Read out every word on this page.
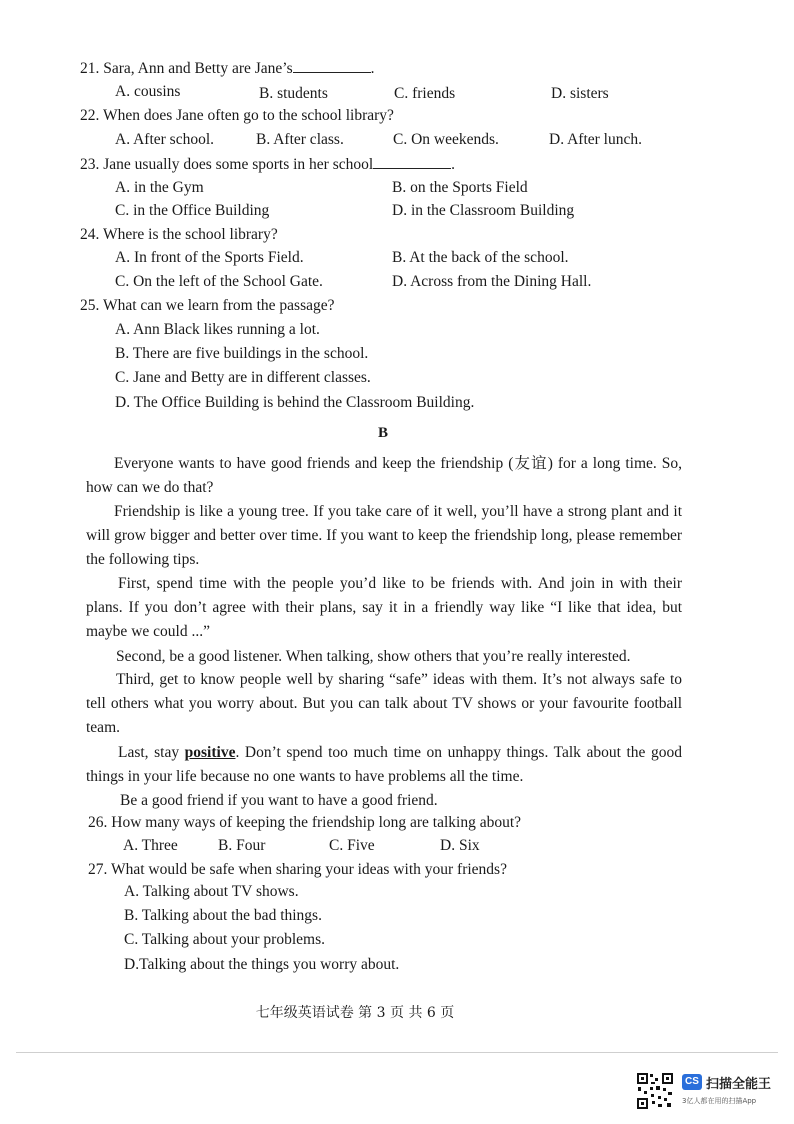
21. Sara, Ann and Betty are Jane’s	.
A. cousins	B. students	C. friends	D. sisters
22. When does Jane often go to the school library?
A. After school.	B. After class.	C. On weekends.	D. After lunch.
23. Jane usually does some sports in her school	.
A. in the Gym	B. on the Sports Field
C. in the Office Building	D. in the Classroom Building
24. Where is the school library?
A. In front of the Sports Field.	B. At the back of the school.
C. On the left of the School Gate.	D. Across from the Dining Hall.
25. What can we learn from the passage?
A. Ann Black likes running a lot.
B. There are five buildings in the school.
C. Jane and Betty are in different classes.
D. The Office Building is behind the Classroom Building.
B
Everyone wants to have good friends and keep the friendship (友谊) for a long time. So, how can we do that?
Friendship is like a young tree. If you take care of it well, you’ll have a strong plant and it will grow bigger and better over time. If you want to keep the friendship long, please remember the following tips.
First, spend time with the people you’d like to be friends with. And join in with their plans. If you don’t agree with their plans, say it in a friendly way like “I like that idea, but maybe we could ...”
Second, be a good listener. When talking, show others that you’re really interested.
Third, get to know people well by sharing “safe” ideas with them. It’s not always safe to tell others what you worry about. But you can talk about TV shows or your favourite football team.
Last, stay positive. Don’t spend too much time on unhappy things. Talk about the good things in your life because no one wants to have problems all the time.
Be a good friend if you want to have a good friend.
26. How many ways of keeping the friendship long are talking about?
A. Three	B. Four	C. Five	D. Six
27. What would be safe when sharing your ideas with your friends?
A. Talking about TV shows.
B. Talking about the bad things.
C. Talking about your problems.
D.Talking about the things you worry about.
七年级英语试卷 第 3 页 共 6 页
CS 扫描全能王
3亿人都在用的扫描App
